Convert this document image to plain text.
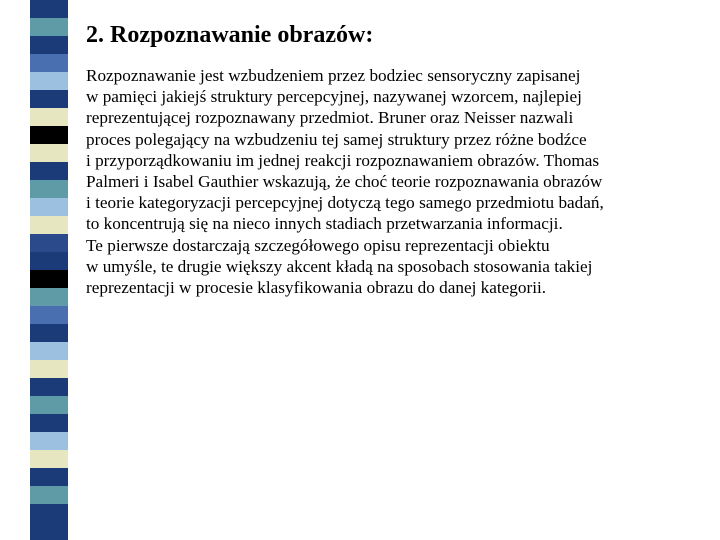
2. Rozpoznawanie obrazów:
Rozpoznawanie jest wzbudzeniem przez bodziec sensoryczny zapisanej
w pamięci jakiejś struktury percepcyjnej, nazywanej wzorcem, najlepiej
reprezentującej rozpoznawany przedmiot. Bruner oraz Neisser nazwali
proces polegający na wzbudzeniu tej samej struktury przez różne bodźce
i przyporządkowaniu im jednej reakcji rozpoznawaniem obrazów. Thomas
Palmeri i Isabel Gauthier wskazują, że choć teorie rozpoznawania obrazów
i teorie kategoryzacji percepcyjnej dotyczą tego samego przedmiotu badań,
to koncentrują się na nieco innych stadiach przetwarzania informacji.
Te pierwsze dostarczają szczegółowego opisu reprezentacji obiektu
w umyśle, te drugie większy akcent kładą na sposobach stosowania takiej
reprezentacji w procesie klasyfikowania obrazu do danej kategorii.
